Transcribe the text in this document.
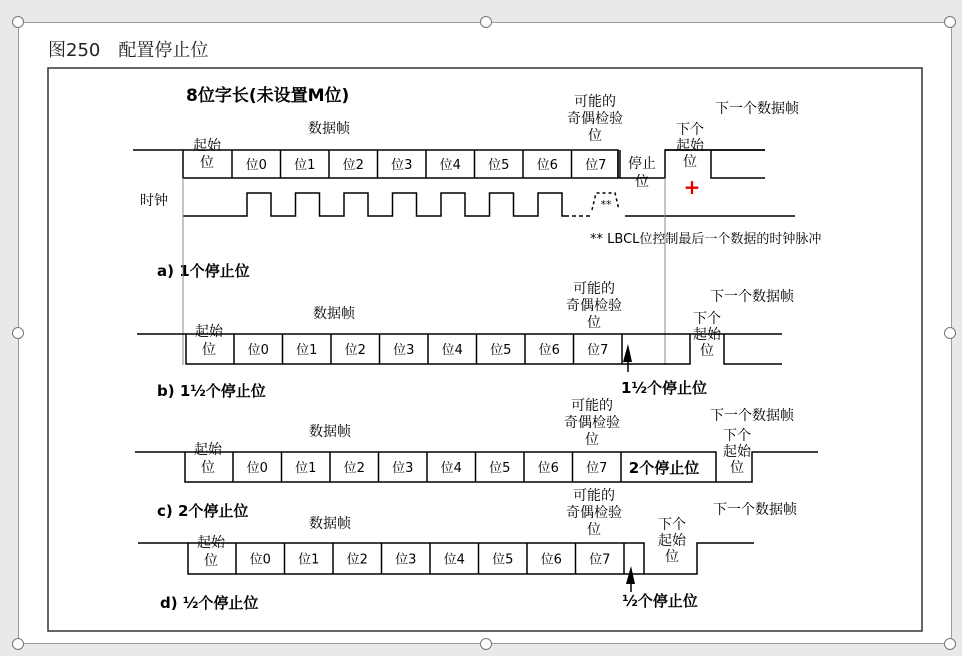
图250　配置停止位
8位字长(未设置M位)
位0 位1 位2 位3 位4 位5 位6 位7
起始
位
数据帧
可能的
奇偶检验
位
停止
位
下个
起始
位
下一个数据帧
+
时钟	**
** LBCL位控制最后一个数据的时钟脉冲
a) 1个停止位
位0 位1 位2 位3 位4 位5 位6 位7
起始
位
数据帧
可能的
奇偶检验
位	下个
起始
位
下一个数据帧
1½个停止位
b) 1½个停止位
位0 位1 位2 位3 位4 位5 位6 位7
起始
位
数据帧
可能的
奇偶检验
位
2个停止位
下个
起始
位
下一个数据帧
c) 2个停止位
位0 位1 位2 位3 位4 位5 位6 位7
起始
位
数据帧
可能的
奇偶检验
位	下个
起始
位
下一个数据帧
½个停止位
d) ½个停止位
